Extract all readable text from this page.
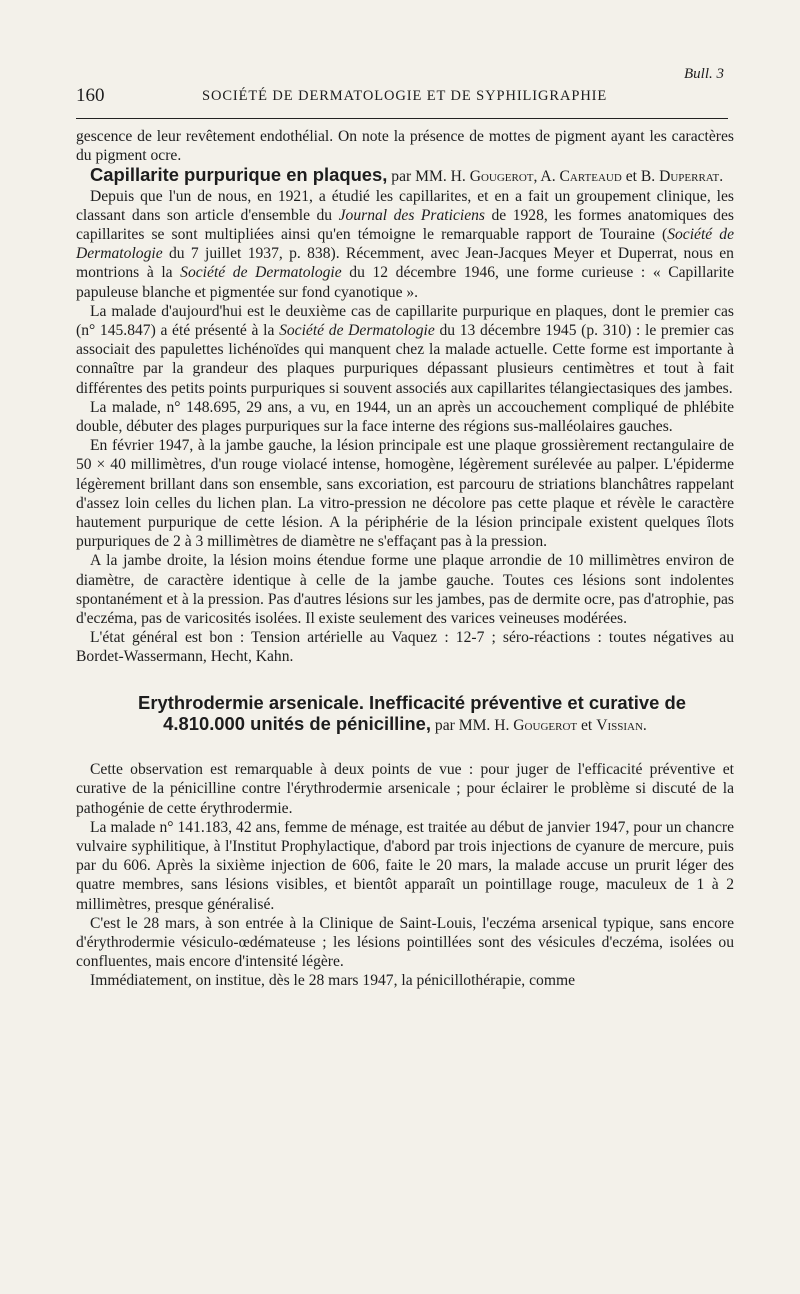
Bull. 3
160	SOCIÉTÉ DE DERMATOLOGIE ET DE SYPHILIGRAPHIE

gescence de leur revêtement endothélial. On note la présence de mottes de pigment ayant les caractères du pigment ocre.

Capillarite purpurique en plaques, par MM. H. Gougerot, A. Carteaud et B. Duperrat.

Depuis que l'un de nous, en 1921, a étudié les capillarites, et en a fait un groupement clinique, les classant dans son article d'ensemble du Journal des Praticiens de 1928, les formes anatomiques des capillarites se sont multipliées ainsi qu'en témoigne le remarquable rapport de Touraine (Société de Dermatologie du 7 juillet 1937, p. 838). Récemment, avec Jean-Jacques Meyer et Duperrat, nous en montrions à la Société de Dermatologie du 12 décembre 1946, une forme curieuse : « Capillarite papuleuse blanche et pigmentée sur fond cyanotique ».

La malade d'aujourd'hui est le deuxième cas de capillarite purpurique en plaques, dont le premier cas (n° 145.847) a été présenté à la Société de Dermatologie du 13 décembre 1945 (p. 310) : le premier cas associait des papulettes lichénoïdes qui manquent chez la malade actuelle. Cette forme est importante à connaître par la grandeur des plaques purpuriques dépassant plusieurs centimètres et tout à fait différentes des petits points purpuriques si souvent associés aux capillarites télangiectasiques des jambes.

La malade, n° 148.695, 29 ans, a vu, en 1944, un an après un accouchement compliqué de phlébite double, débuter des plages purpuriques sur la face interne des régions sus-malléolaires gauches.

En février 1947, à la jambe gauche, la lésion principale est une plaque grossièrement rectangulaire de 50 × 40 millimètres, d'un rouge violacé intense, homogène, légèrement surélevée au palper. L'épiderme légèrement brillant dans son ensemble, sans excoriation, est parcouru de striations blanchâtres rappelant d'assez loin celles du lichen plan. La vitro-pression ne décolore pas cette plaque et révèle le caractère hautement purpurique de cette lésion. A la périphérie de la lésion principale existent quelques îlots purpuriques de 2 à 3 millimètres de diamètre ne s'effaçant pas à la pression.

A la jambe droite, la lésion moins étendue forme une plaque arrondie de 10 millimètres environ de diamètre, de caractère identique à celle de la jambe gauche. Toutes ces lésions sont indolentes spontanément et à la pression. Pas d'autres lésions sur les jambes, pas de dermite ocre, pas d'atrophie, pas d'eczéma, pas de varicosités isolées. Il existe seulement des varices veineuses modérées.

L'état général est bon : Tension artérielle au Vaquez : 12-7 ; séro-réactions : toutes négatives au Bordet-Wassermann, Hecht, Kahn.

Erythrodermie arsenicale. Inefficacité préventive et curative de
4.810.000 unités de pénicilline, par MM. H. Gougerot et Vissian.

Cette observation est remarquable à deux points de vue : pour juger de l'efficacité préventive et curative de la pénicilline contre l'érythrodermie arsenicale ; pour éclairer le problème si discuté de la pathogénie de cette érythrodermie.

La malade n° 141.183, 42 ans, femme de ménage, est traitée au début de janvier 1947, pour un chancre vulvaire syphilitique, à l'Institut Prophylactique, d'abord par trois injections de cyanure de mercure, puis par du 606. Après la sixième injection de 606, faite le 20 mars, la malade accuse un prurit léger des quatre membres, sans lésions visibles, et bientôt apparaît un pointillage rouge, maculeux de 1 à 2 millimètres, presque généralisé.

C'est le 28 mars, à son entrée à la Clinique de Saint-Louis, l'eczéma arsenical typique, sans encore d'érythrodermie vésiculo-œdémateuse ; les lésions pointillées sont des vésicules d'eczéma, isolées ou confluentes, mais encore d'intensité légère.

Immédiatement, on institue, dès le 28 mars 1947, la pénicillothérapie, comme
